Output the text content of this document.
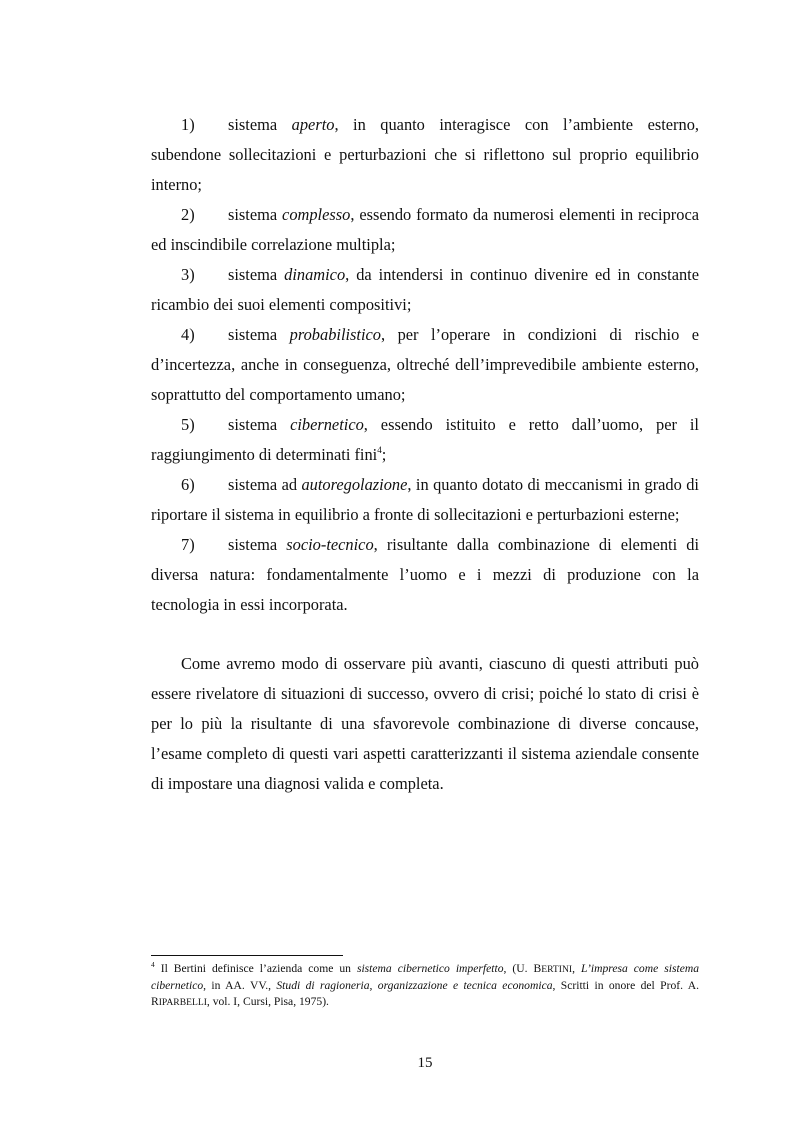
1) sistema aperto, in quanto interagisce con l’ambiente esterno, subendone sollecitazioni e perturbazioni che si riflettono sul proprio equilibrio interno;

2) sistema complesso, essendo formato da numerosi elementi in reciproca ed inscindibile correlazione multipla;

3) sistema dinamico, da intendersi in continuo divenire ed in constante ricambio dei suoi elementi compositivi;

4) sistema probabilistico, per l’operare in condizioni di rischio e d’incertezza, anche in conseguenza, oltreché dell’imprevedibile ambiente esterno, soprattutto del comportamento umano;

5) sistema cibernetico, essendo istituito e retto dall’uomo, per il raggiungimento di determinati fini$^4$;

6) sistema ad autoregolazione, in quanto dotato di meccanismi in grado di riportare il sistema in equilibrio a fronte di sollecitazioni e perturbazioni esterne;

7) sistema socio-tecnico, risultante dalla combinazione di elementi di diversa natura: fondamentalmente l’uomo e i mezzi di produzione con la tecnologia in essi incorporata.

Come avremo modo di osservare più avanti, ciascuno di questi attributi può essere rivelatore di situazioni di successo, ovvero di crisi; poiché lo stato di crisi è per lo più la risultante di una sfavorevole combinazione di diverse concause, l’esame completo di questi vari aspetti caratterizzanti il sistema aziendale consente di impostare una diagnosi valida e completa.

$^4$ Il Bertini definisce l’azienda come un sistema cibernetico imperfetto, (U. BERTINI, L’impresa come sistema cibernetico, in AA. VV., Studi di ragioneria, organizzazione e tecnica economica, Scritti in onore del Prof. A. RIPARBELLI, vol. I, Cursi, Pisa, 1975).
15
